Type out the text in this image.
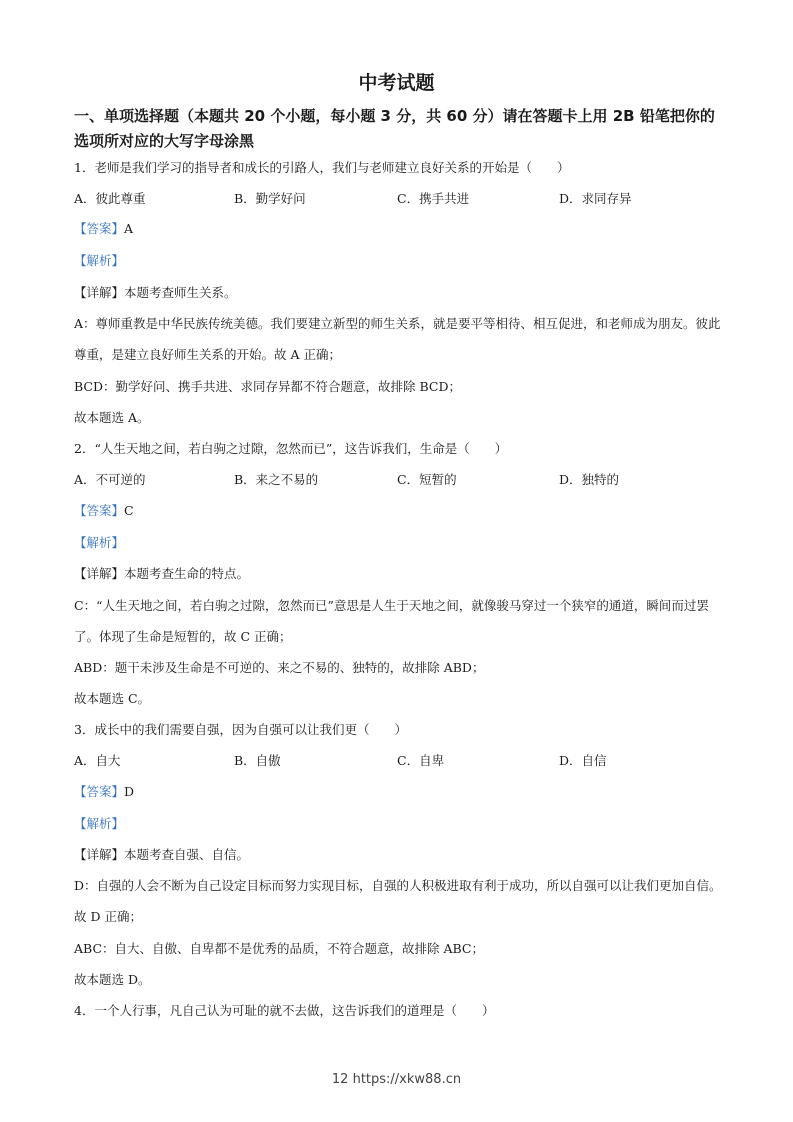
中考试题
一、单项选择题（本题共 20 个小题，每小题 3 分，共 60 分）请在答题卡上用 2B 铅笔把你的选项所对应的大写字母涂黑
1．老师是我们学习的指导者和成长的引路人，我们与老师建立良好关系的开始是（　　）
A．彼此尊重	B．勤学好问	C．携手共进	D．求同存异
【答案】A
【解析】
【详解】本题考查师生关系。
A：尊师重教是中华民族传统美德。我们要建立新型的师生关系，就是要平等相待、相互促进，和老师成为朋友。彼此尊重，是建立良好师生关系的开始。故 A 正确；
BCD：勤学好问、携手共进、求同存异都不符合题意，故排除 BCD；
故本题选 A。
2．“人生天地之间，若白驹之过隙，忽然而已”，这告诉我们，生命是（　　）
A．不可逆的	B．来之不易的	C．短暂的	D．独特的
【答案】C
【解析】
【详解】本题考查生命的特点。
C：“人生天地之间，若白驹之过隙，忽然而已”意思是人生于天地之间，就像骏马穿过一个狭窄的通道，瞬间而过罢了。体现了生命是短暂的，故 C 正确；
ABD：题干未涉及生命是不可逆的、来之不易的、独特的，故排除 ABD；
故本题选 C。
3．成长中的我们需要自强，因为自强可以让我们更（　　）
A．自大	B．自傲	C．自卑	D．自信
【答案】D
【解析】
【详解】本题考查自强、自信。
D：自强的人会不断为自己设定目标而努力实现目标，自强的人积极进取有利于成功，所以自强可以让我们更加自信。故 D 正确；
ABC：自大、自傲、自卑都不是优秀的品质，不符合题意，故排除 ABC；
故本题选 D。
4．一个人行事，凡自己认为可耻的就不去做，这告诉我们的道理是（　　）
12 https://xkw88.cn
